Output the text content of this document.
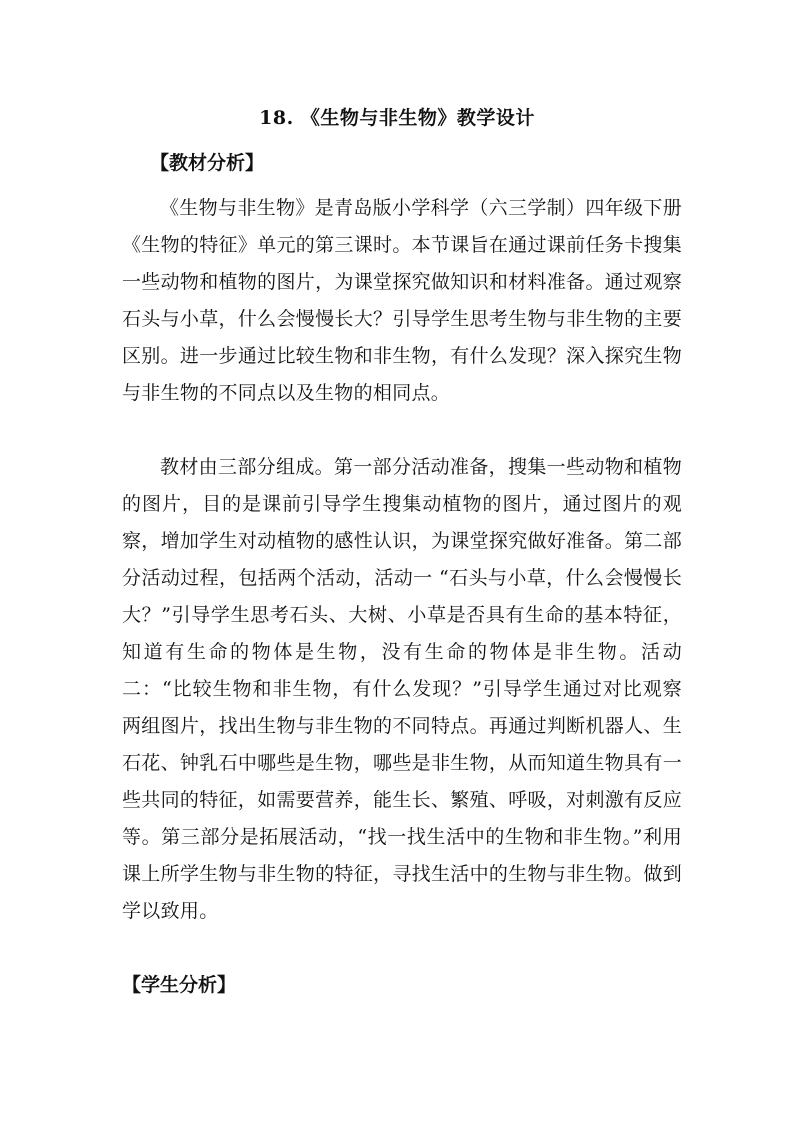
18. 《生物与非生物》教学设计
【教材分析】

《生物与非生物》是青岛版小学科学（六三学制）四年级下册《生物的特征》单元的第三课时。本节课旨在通过课前任务卡搜集一些动物和植物的图片，为课堂探究做知识和材料准备。通过观察石头与小草，什么会慢慢长大？引导学生思考生物与非生物的主要区别。进一步通过比较生物和非生物，有什么发现？深入探究生物与非生物的不同点以及生物的相同点。

教材由三部分组成。第一部分活动准备，搜集一些动物和植物的图片，目的是课前引导学生搜集动植物的图片，通过图片的观察，增加学生对动植物的感性认识，为课堂探究做好准备。第二部分活动过程，包括两个活动，活动一 “石头与小草，什么会慢慢长大？”引导学生思考石头、大树、小草是否具有生命的基本特征，知道有生命的物体是生物，没有生命的物体是非生物。活动二：“比较生物和非生物，有什么发现？”引导学生通过对比观察两组图片，找出生物与非生物的不同特点。再通过判断机器人、生石花、钟乳石中哪些是生物，哪些是非生物，从而知道生物具有一些共同的特征，如需要营养，能生长、繁殖、呼吸，对刺激有反应等。第三部分是拓展活动，“找一找生活中的生物和非生物。”利用课上所学生物与非生物的特征，寻找生活中的生物与非生物。做到学以致用。

【学生分析】
